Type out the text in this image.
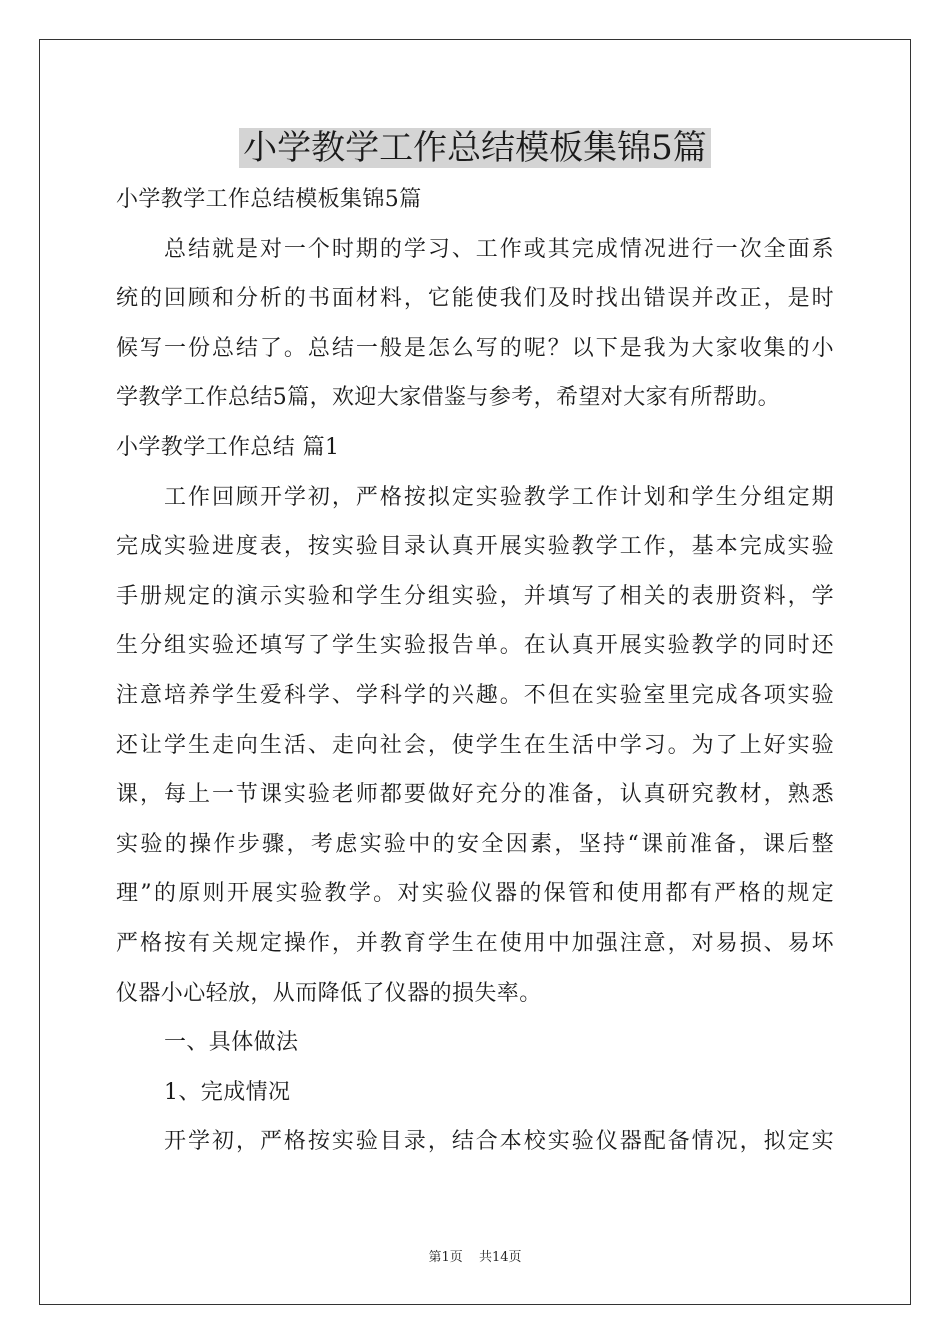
小学教学工作总结模板集锦5篇
小学教学工作总结模板集锦5篇
总结就是对一个时期的学习、工作或其完成情况进行一次全面系
统的回顾和分析的书面材料，它能使我们及时找出错误并改正，是时
候写一份总结了。总结一般是怎么写的呢？以下是我为大家收集的小
学教学工作总结5篇，欢迎大家借鉴与参考，希望对大家有所帮助。
小学教学工作总结 篇1
工作回顾开学初，严格按拟定实验教学工作计划和学生分组定期
完成实验进度表，按实验目录认真开展实验教学工作，基本完成实验
手册规定的演示实验和学生分组实验，并填写了相关的表册资料，学
生分组实验还填写了学生实验报告单。在认真开展实验教学的同时还
注意培养学生爱科学、学科学的兴趣。不但在实验室里完成各项实验
还让学生走向生活、走向社会，使学生在生活中学习。为了上好实验
课，每上一节课实验老师都要做好充分的准备，认真研究教材，熟悉
实验的操作步骤，考虑实验中的安全因素，坚持“课前准备，课后整
理”的原则开展实验教学。对实验仪器的保管和使用都有严格的规定
严格按有关规定操作，并教育学生在使用中加强注意，对易损、易坏
仪器小心轻放，从而降低了仪器的损失率。
一、具体做法
1、完成情况
开学初，严格按实验目录，结合本校实验仪器配备情况，拟定实
第1页 共14页
